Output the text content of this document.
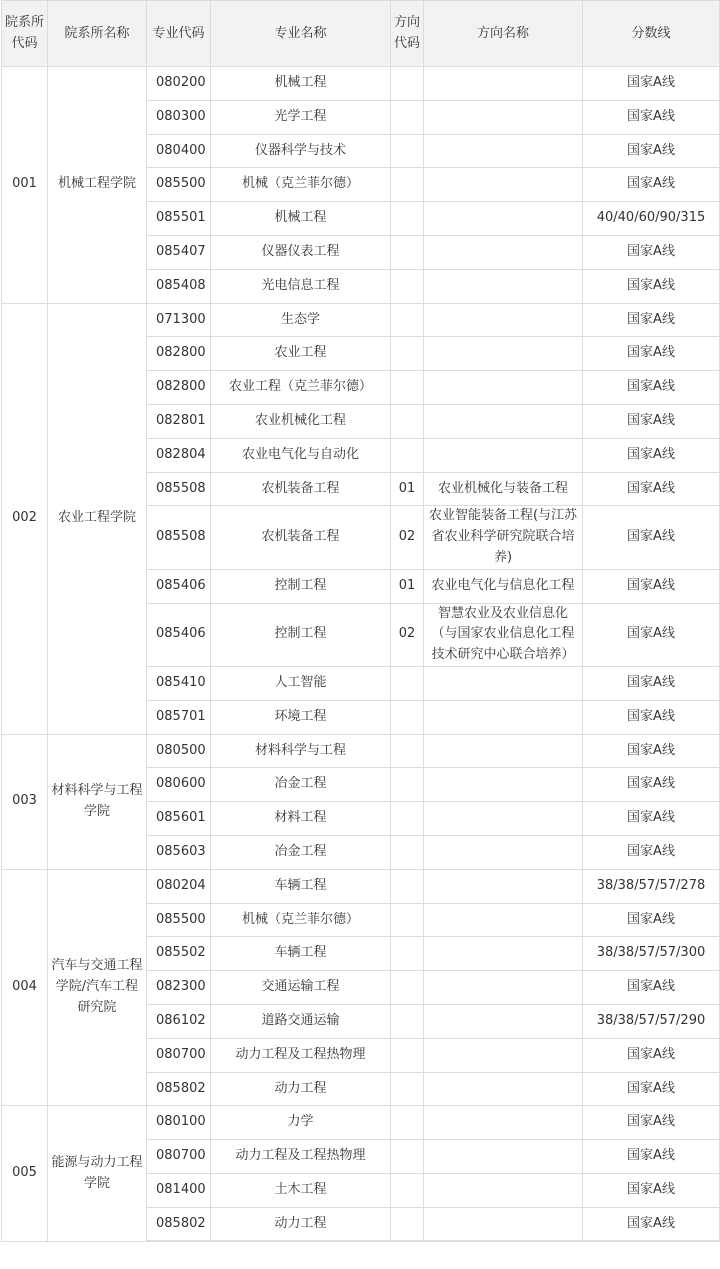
院系所代码	院系所名称	专业代码	专业名称	方向代码	方向名称	分数线
001	机械工程学院	080200	机械工程			国家A线
		080300	光学工程			国家A线
		080400	仪器科学与技术			国家A线
		085500	机械（克兰菲尔德）			国家A线
		085501	机械工程			40/40/60/90/315
		085407	仪器仪表工程			国家A线
		085408	光电信息工程			国家A线
002	农业工程学院	071300	生态学			国家A线
		082800	农业工程			国家A线
		082800	农业工程（克兰菲尔德）			国家A线
		082801	农业机械化工程			国家A线
		082804	农业电气化与自动化			国家A线
		085508	农机装备工程	01	农业机械化与装备工程	国家A线
		085508	农机装备工程	02	农业智能装备工程(与江苏省农业科学研究院联合培养)	国家A线
		085406	控制工程	01	农业电气化与信息化工程	国家A线
		085406	控制工程	02	智慧农业及农业信息化（与国家农业信息化工程技术研究中心联合培养）	国家A线
		085410	人工智能			国家A线
		085701	环境工程			国家A线
003	材料科学与工程学院	080500	材料科学与工程			国家A线
		080600	冶金工程			国家A线
		085601	材料工程			国家A线
		085603	冶金工程			国家A线
004	汽车与交通工程学院/汽车工程研究院	080204	车辆工程			38/38/57/57/278
		085500	机械（克兰菲尔德）			国家A线
		085502	车辆工程			38/38/57/57/300
		082300	交通运输工程			国家A线
		086102	道路交通运输			38/38/57/57/290
		080700	动力工程及工程热物理			国家A线
		085802	动力工程			国家A线
005	能源与动力工程学院	080100	力学			国家A线
		080700	动力工程及工程热物理			国家A线
		081400	土木工程			国家A线
		085802	动力工程			国家A线
